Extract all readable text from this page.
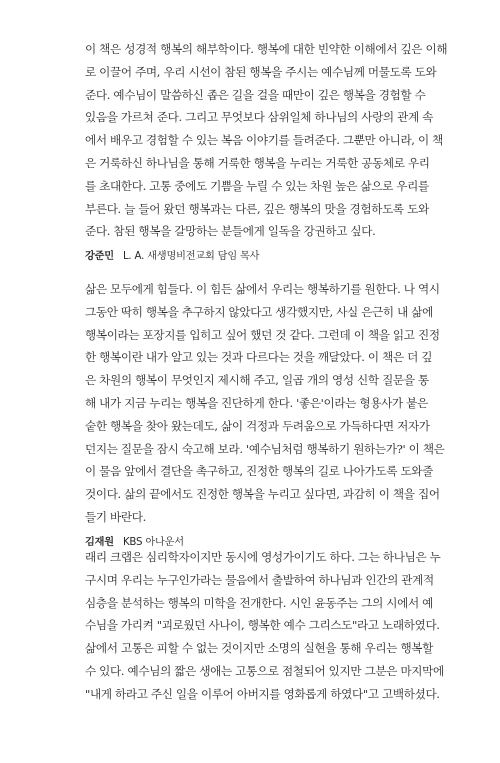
이 책은 성경적 행복의 해부학이다. 행복에 대한 빈약한 이해에서 깊은 이해
로 이끌어 주며, 우리 시선이 참된 행복을 주시는 예수님께 머물도록 도와
준다. 예수님이 말씀하신 좁은 길을 걸을 때만이 깊은 행복을 경험할 수
있음을 가르쳐 준다. 그리고 무엇보다 삼위일체 하나님의 사랑의 관계 속
에서 배우고 경험할 수 있는 복음 이야기를 들려준다. 그뿐만 아니라, 이 책
은 거룩하신 하나님을 통해 거룩한 행복을 누리는 거룩한 공동체로 우리
를 초대한다. 고통 중에도 기쁨을 누릴 수 있는 차원 높은 삶으로 우리를
부른다. 늘 들어 왔던 행복과는 다른, 깊은 행복의 맛을 경험하도록 도와
준다. 참된 행복을 갈망하는 분들에게 일독을 강권하고 싶다.

강준민 L. A. 새생명비전교회 담임 목사

삶은 모두에게 힘들다. 이 힘든 삶에서 우리는 행복하기를 원한다. 나 역시
그동안 딱히 행복을 추구하지 않았다고 생각했지만, 사실 은근히 내 삶에
행복이라는 포장지를 입히고 싶어 했던 것 같다. 그런데 이 책을 읽고 진정
한 행복이란 내가 알고 있는 것과 다르다는 것을 깨달았다. 이 책은 더 깊
은 차원의 행복이 무엇인지 제시해 주고, 일곱 개의 영성 신학 질문을 통
해 내가 지금 누리는 행복을 진단하게 한다. '좋은'이라는 형용사가 붙은
숱한 행복을 찾아 왔는데도, 삶이 걱정과 두려움으로 가득하다면 저자가
던지는 질문을 잠시 숙고해 보라. '예수님처럼 행복하기 원하는가?' 이 책은
이 물음 앞에서 결단을 촉구하고, 진정한 행복의 길로 나아가도록 도와줄
것이다. 삶의 끝에서도 진정한 행복을 누리고 싶다면, 과감히 이 책을 집어
들기 바란다.

김재원 KBS 아나운서

래리 크랩은 심리학자이지만 동시에 영성가이기도 하다. 그는 하나님은 누
구시며 우리는 누구인가라는 물음에서 출발하여 하나님과 인간의 관계적
심층을 분석하는 행복의 미학을 전개한다. 시인 윤동주는 그의 시에서 예
수님을 가리켜 "괴로웠던 사나이, 행복한 예수 그리스도"라고 노래하였다.
삶에서 고통은 피할 수 없는 것이지만 소명의 실현을 통해 우리는 행복할
수 있다. 예수님의 짧은 생애는 고통으로 점철되어 있지만 그분은 마지막에
"내게 하라고 주신 일을 이루어 아버지를 영화롭게 하였다"고 고백하셨다.
